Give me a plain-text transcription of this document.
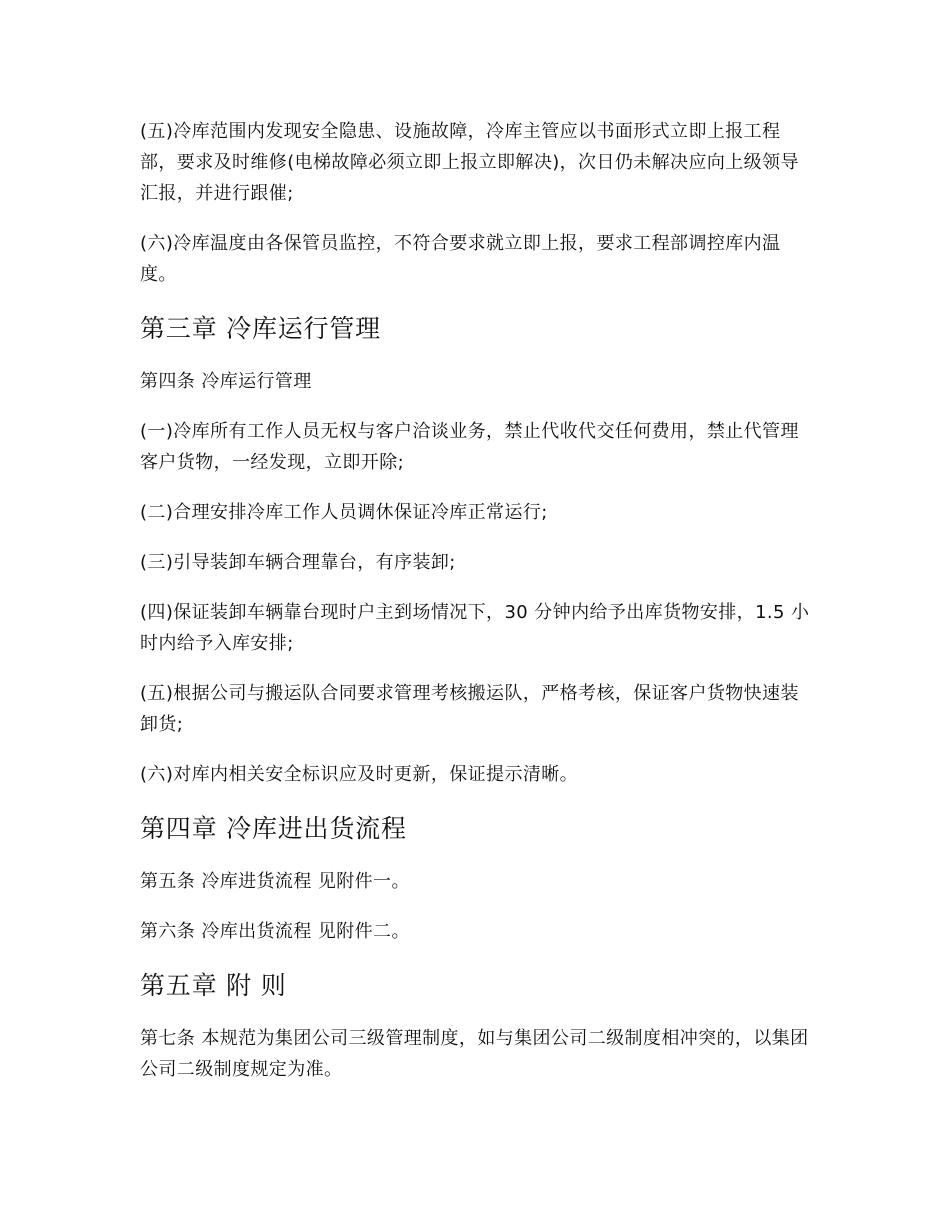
(五)冷库范围内发现安全隐患、设施故障，冷库主管应以书面形式立即上报工程部，要求及时维修(电梯故障必须立即上报立即解决)，次日仍未解决应向上级领导汇报，并进行跟催;

(六)冷库温度由各保管员监控，不符合要求就立即上报，要求工程部调控库内温度。

第三章 冷库运行管理

第四条 冷库运行管理

(一)冷库所有工作人员无权与客户洽谈业务，禁止代收代交任何费用，禁止代管理客户货物，一经发现，立即开除;

(二)合理安排冷库工作人员调休保证冷库正常运行;

(三)引导装卸车辆合理靠台，有序装卸;

(四)保证装卸车辆靠台现时户主到场情况下，30 分钟内给予出库货物安排，1.5 小时内给予入库安排;

(五)根据公司与搬运队合同要求管理考核搬运队，严格考核，保证客户货物快速装卸货;

(六)对库内相关安全标识应及时更新，保证提示清晰。

第四章 冷库进出货流程

第五条 冷库进货流程 见附件一。

第六条 冷库出货流程 见附件二。

第五章 附 则

第七条 本规范为集团公司三级管理制度，如与集团公司二级制度相冲突的，以集团公司二级制度规定为准。
